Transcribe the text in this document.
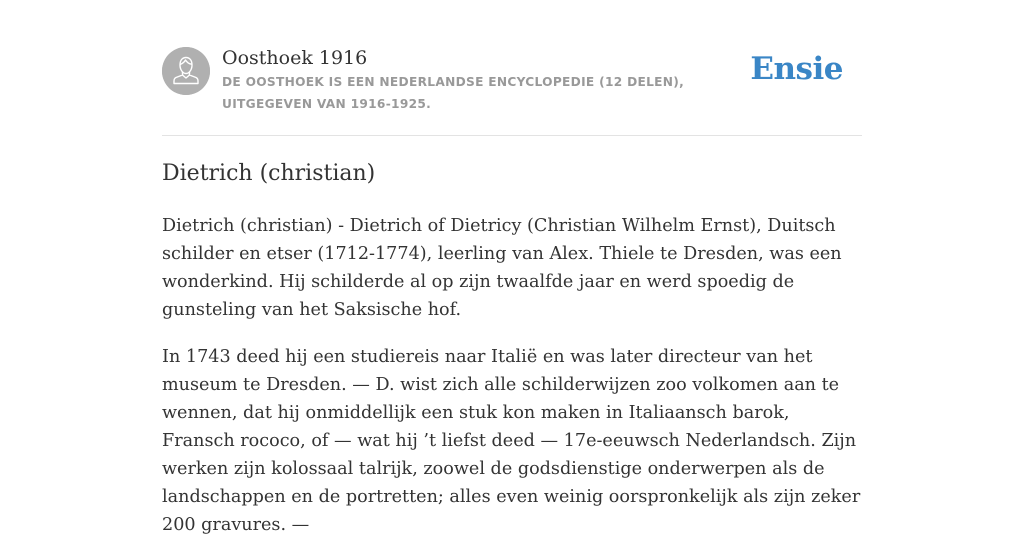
Oosthoek 1916
DE OOSTHOEK IS EEN NEDERLANDSE ENCYCLOPEDIE (12 DELEN), UITGEGEVEN VAN 1916-1925.
Ensie
Dietrich (christian)

Dietrich (christian) - Dietrich of Dietricy (Christian Wilhelm Ernst), Duitsch schilder en etser (1712-1774), leerling van Alex. Thiele te Dresden, was een wonderkind. Hij schilderde al op zijn twaalfde jaar en werd spoedig de gunsteling van het Saksische hof.

In 1743 deed hij een studiereis naar Italië en was later directeur van het museum te Dresden. — D. wist zich alle schilderwijzen zoo volkomen aan te wennen, dat hij onmiddellijk een stuk kon maken in Italiaansch barok, Fransch rococo, of — wat hij ’t liefst deed — 17e-eeuwsch Nederlandsch. Zijn werken zijn kolossaal talrijk, zoowel de godsdienstige onderwerpen als de landschappen en de portretten; alles even weinig oorspronkelijk als zijn zeker 200 gravures. —
